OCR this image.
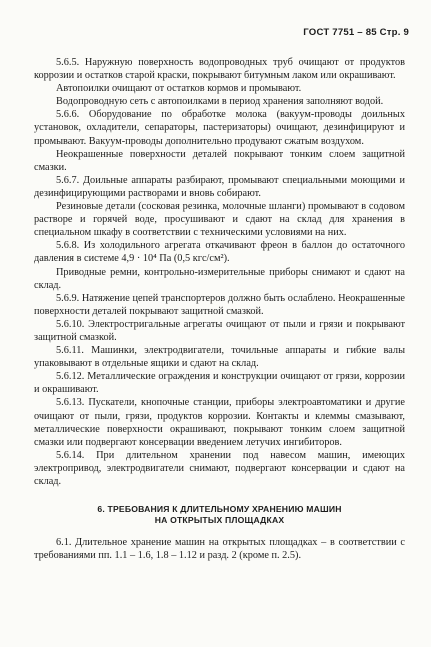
ГОСТ 7751 – 85 Стр. 9

5.6.5. Наружную поверхность водопроводных труб очищают от продуктов коррозии и остатков старой краски, покрывают битумным лаком или окрашивают.

Автопоилки очищают от остатков кормов и промывают.

Водопроводную сеть с автопоилками в период хранения заполняют водой.

5.6.6. Оборудование по обработке молока (вакуум-проводы доильных установок, охладители, сепараторы, пастеризаторы) очищают, дезинфицируют и промывают. Вакуум-проводы дополнительно продувают сжатым воздухом.

Неокрашенные поверхности деталей покрывают тонким слоем защитной смазки.

5.6.7. Доильные аппараты разбирают, промывают специальными моющими и дезинфицирующими растворами и вновь собирают.

Резиновые детали (сосковая резинка, молочные шланги) промывают в содовом растворе и горячей воде, просушивают и сдают на склад для хранения в специальном шкафу в соответствии с техническими условиями на них.

5.6.8. Из холодильного агрегата откачивают фреон в баллон до остаточного давления в системе 4,9 · 10⁴ Па (0,5 кгс/см²).

Приводные ремни, контрольно-измерительные приборы снимают и сдают на склад.

5.6.9. Натяжение цепей транспортеров должно быть ослаблено. Неокрашенные поверхности деталей покрывают защитной смазкой.

5.6.10. Электростригальные агрегаты очищают от пыли и грязи и покрывают защитной смазкой.

5.6.11. Машинки, электродвигатели, точильные аппараты и гибкие валы упаковывают в отдельные ящики и сдают на склад.

5.6.12. Металлические ограждения и конструкции очищают от грязи, коррозии и окрашивают.

5.6.13. Пускатели, кнопочные станции, приборы электроавтоматики и другие очищают от пыли, грязи, продуктов коррозии. Контакты и клеммы смазывают, металлические поверхности окрашивают, покрывают тонким слоем защитной смазки или подвергают консервации введением летучих ингибиторов.

5.6.14. При длительном хранении под навесом машин, имеющих электропривод, электродвигатели снимают, подвергают консервации и сдают на склад.

6. ТРЕБОВАНИЯ К ДЛИТЕЛЬНОМУ ХРАНЕНИЮ МАШИН
НА ОТКРЫТЫХ ПЛОЩАДКАХ

6.1. Длительное хранение машин на открытых площадках – в соответствии с требованиями пп. 1.1 – 1.6, 1.8 – 1.12 и разд. 2 (кроме п. 2.5).
